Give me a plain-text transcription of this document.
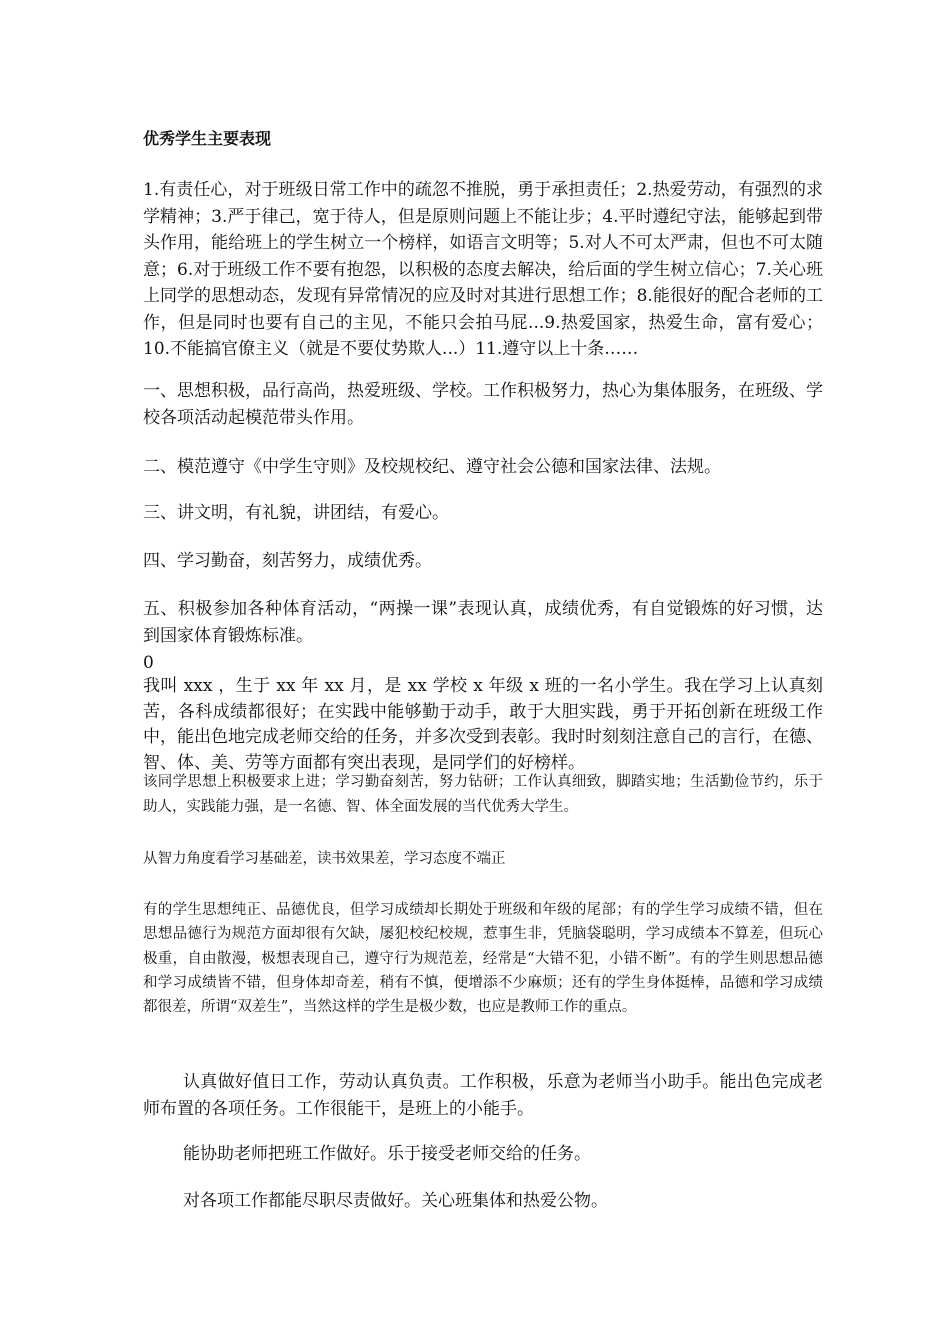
优秀学生主要表现

1.有责任心，对于班级日常工作中的疏忽不推脱，勇于承担责任；2.热爱劳动，有强烈的求学精神；3.严于律己，宽于待人，但是原则问题上不能让步；4.平时遵纪守法，能够起到带头作用，能给班上的学生树立一个榜样，如语言文明等；5.对人不可太严肃，但也不可太随意；6.对于班级工作不要有抱怨，以积极的态度去解决，给后面的学生树立信心；7.关心班上同学的思想动态，发现有异常情况的应及时对其进行思想工作；8.能很好的配合老师的工作，但是同时也要有自己的主见，不能只会拍马屁...9.热爱国家，热爱生命，富有爱心；10.不能搞官僚主义（就是不要仗势欺人...）11.遵守以上十条……

一、思想积极，品行高尚，热爱班级、学校。工作积极努力，热心为集体服务，在班级、学校各项活动起模范带头作用。

二、模范遵守《中学生守则》及校规校纪、遵守社会公德和国家法律、法规。

三、讲文明，有礼貌，讲团结，有爱心。

四、学习勤奋，刻苦努力，成绩优秀。

五、积极参加各种体育活动，“两操一课”表现认真，成绩优秀，有自觉锻炼的好习惯，达到国家体育锻炼标准。

0

我叫 xxx ，生于 xx 年 xx 月，是 xx 学校 x 年级 x 班的一名小学生。我在学习上认真刻苦，各科成绩都很好；在实践中能够勤于动手，敢于大胆实践，勇于开拓创新在班级工作中，能出色地完成老师交给的任务，并多次受到表彰。我时时刻刻注意自己的言行，在德、智、体、美、劳等方面都有突出表现，是同学们的好榜样。

该同学思想上积极要求上进；学习勤奋刻苦，努力钻研；工作认真细致，脚踏实地；生活勤俭节约，乐于助人，实践能力强，是一名德、智、体全面发展的当代优秀大学生。

从智力角度看学习基础差，读书效果差，学习态度不端正

有的学生思想纯正、品德优良，但学习成绩却长期处于班级和年级的尾部；有的学生学习成绩不错，但在思想品德行为规范方面却很有欠缺，屡犯校纪校规，惹事生非，凭脑袋聪明，学习成绩本不算差，但玩心极重，自由散漫，极想表现自己，遵守行为规范差，经常是“大错不犯，小错不断”。有的学生则思想品德和学习成绩皆不错，但身体却奇差，稍有不慎，便增添不少麻烦；还有的学生身体挺棒，品德和学习成绩都很差，所谓“双差生”，当然这样的学生是极少数，也应是教师工作的重点。

认真做好值日工作，劳动认真负责。工作积极，乐意为老师当小助手。能出色完成老师布置的各项任务。工作很能干，是班上的小能手。

能协助老师把班工作做好。乐于接受老师交给的任务。

对各项工作都能尽职尽责做好。关心班集体和热爱公物。
